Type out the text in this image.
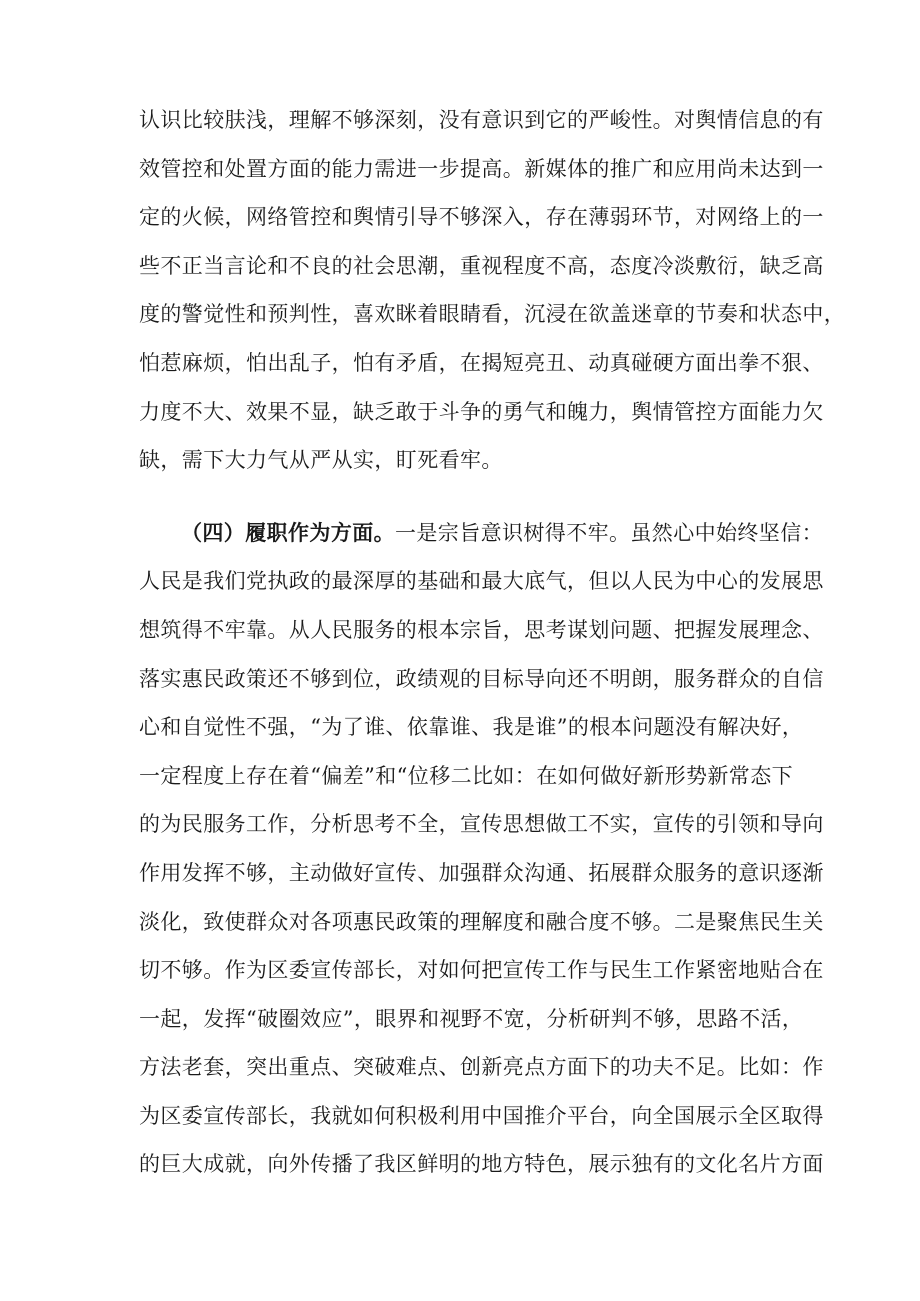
认识比较肤浅，理解不够深刻，没有意识到它的严峻性。对舆情信息的有
效管控和处置方面的能力需进一步提高。新媒体的推广和应用尚未达到一
定的火候，网络管控和舆情引导不够深入，存在薄弱环节，对网络上的一
些不正当言论和不良的社会思潮，重视程度不高，态度冷淡敷衍，缺乏高
度的警觉性和预判性，喜欢眯着眼睛看，沉浸在欲盖迷章的节奏和状态中，
怕惹麻烦，怕出乱子，怕有矛盾，在揭短亮丑、动真碰硬方面出拳不狠、
力度不大、效果不显，缺乏敢于斗争的勇气和魄力，舆情管控方面能力欠
缺，需下大力气从严从实，盯死看牢。
（四）履职作为方面。一是宗旨意识树得不牢。虽然心中始终坚信：
人民是我们党执政的最深厚的基础和最大底气，但以人民为中心的发展思
想筑得不牢靠。从人民服务的根本宗旨，思考谋划问题、把握发展理念、
落实惠民政策还不够到位，政绩观的目标导向还不明朗，服务群众的自信
心和自觉性不强，“为了谁、依靠谁、我是谁”的根本问题没有解决好，
一定程度上存在着“偏差”和“位移二比如：在如何做好新形势新常态下
的为民服务工作，分析思考不全，宣传思想做工不实，宣传的引领和导向
作用发挥不够，主动做好宣传、加强群众沟通、拓展群众服务的意识逐渐
淡化，致使群众对各项惠民政策的理解度和融合度不够。二是聚焦民生关
切不够。作为区委宣传部长，对如何把宣传工作与民生工作紧密地贴合在
一起，发挥“破圈效应”，眼界和视野不宽，分析研判不够，思路不活，
方法老套，突出重点、突破难点、创新亮点方面下的功夫不足。比如：作
为区委宣传部长，我就如何积极利用中国推介平台，向全国展示全区取得
的巨大成就，向外传播了我区鲜明的地方特色，展示独有的文化名片方面
